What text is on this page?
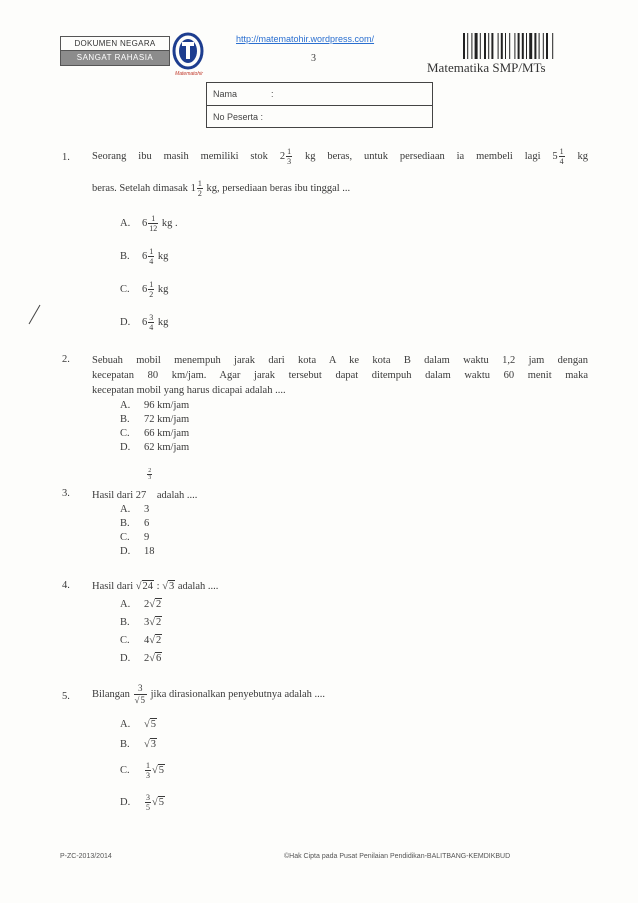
DOKUMEN NEGARA
SANGAT RAHASIA
Matematohir
http://matematohir.wordpress.com/
3
Matematika SMP/MTs
Nama	:
No Peserta :
1. Seorang ibu masih memiliki stok $2 \frac{1}{3}$ kg beras, untuk persediaan ia membeli lagi $5 \frac{1}{4}$ kg
beras. Setelah dimasak $1 \frac{1}{2}$ kg, persediaan beras ibu tinggal ...
A. $6 \frac{1}{12}$ kg .
B. $6 \frac{1}{4}$ kg
C. $6 \frac{1}{2}$ kg
D. $6 \frac{3}{4}$ kg
2. Sebuah mobil menempuh jarak dari kota A ke kota B dalam waktu 1,2 jam dengan
kecepatan 80 km/jam. Agar jarak tersebut dapat ditempuh dalam waktu 60 menit maka
kecepatan mobil yang harus dicapai adalah ....
A. 96 km/jam
B. 72 km/jam
C. 66 km/jam
D. 62 km/jam
3. Hasil dari 27
$\frac{2}{3}$
adalah ....
A. 3
B. 6
C. 9
D. 18
4. Hasil dari √24 : √3 adalah ....
A. 2√2
B. 3√2
C. 4√2
D. 2√6
5. Bilangan $\frac{3}{√5}$ jika dirasionalkan penyebutnya adalah ....
A. √5
B. √3
C. $\frac{1}{3} √5$
D. $\frac{3}{5} √5$
P-ZC-2013/2014	©Hak Cipta pada Pusat Penilaian Pendidikan-BALITBANG-KEMDIKBUD
